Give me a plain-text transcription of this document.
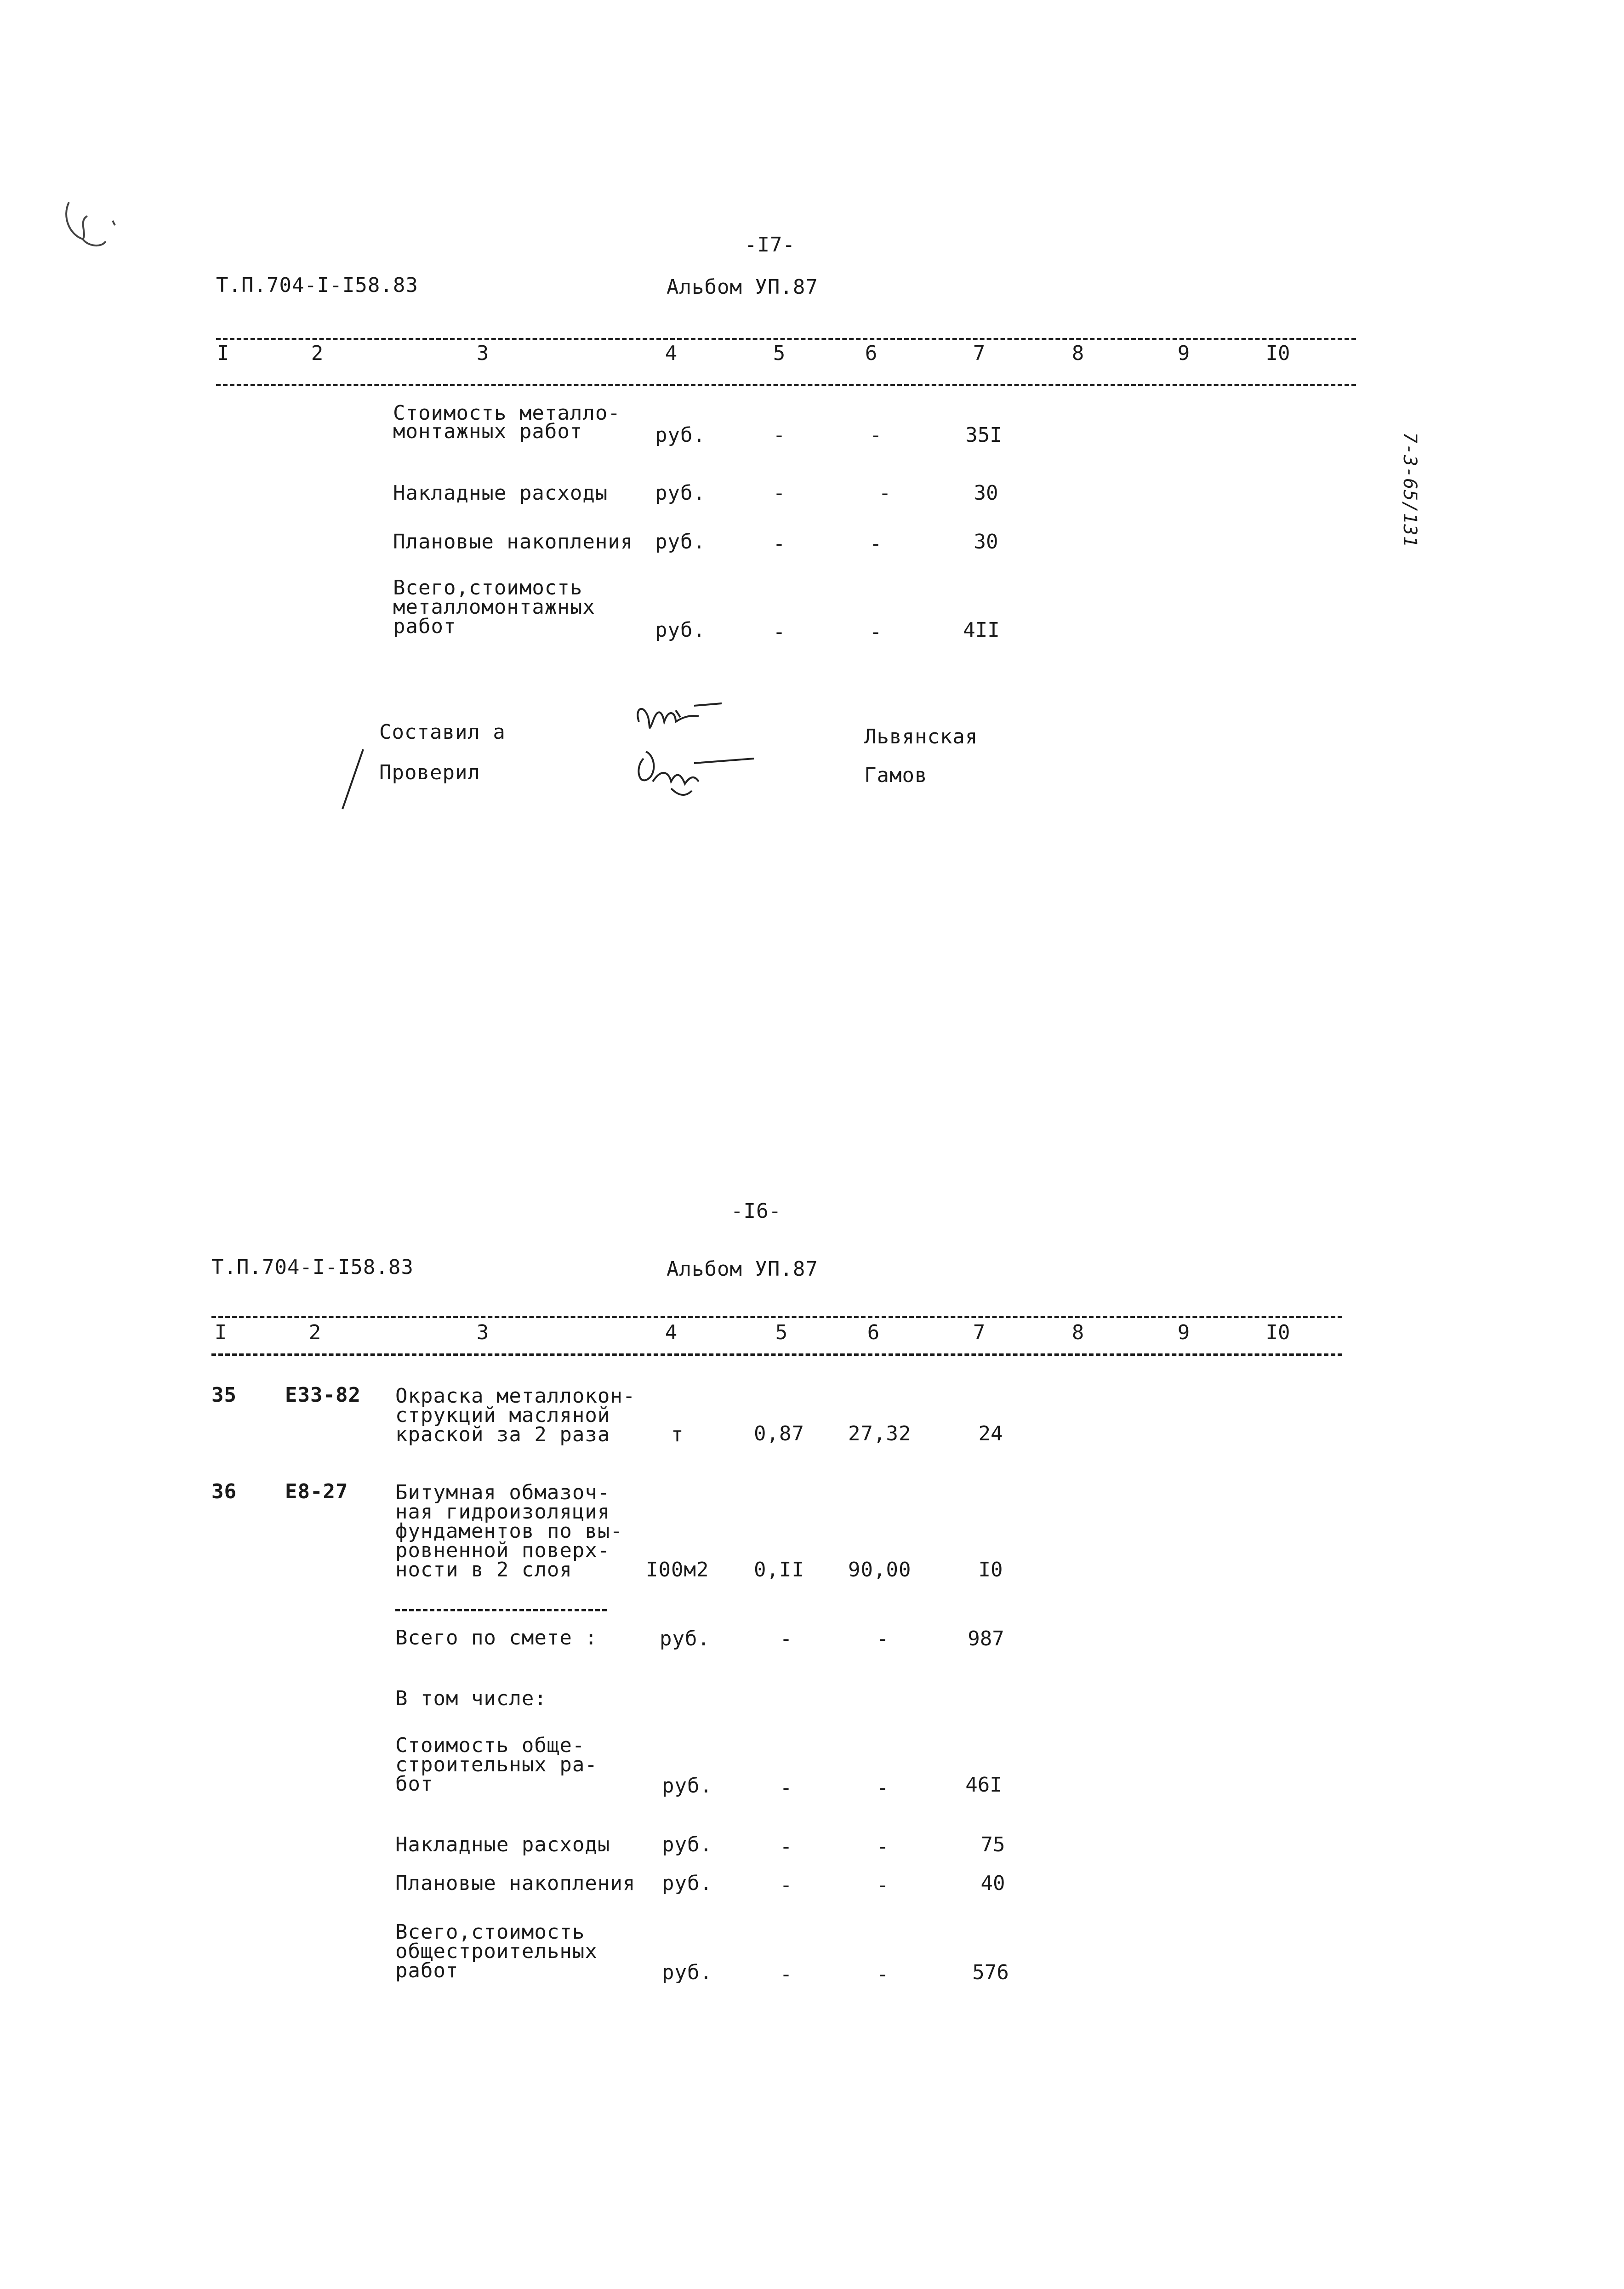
-I7-
Т.П.704-I-I58.83	Альбом УП.87
I	2	3	4	5	6	7	8	9	I0
Стоимость металло-
монтажных работ	руб.	-	-	35I
Накладные расходы руб.	-	-	30
Плановые накопления руб.	-	-	30
Всего,стоимость
металломонтажных
работ	руб.	-	-	4II
Составил а
Проверил
Львянская
Гамов
7-3-65/131
-I6-
Т.П.704-I-I58.83	Альбом УП.87
I	2	3	4	5	6	7	8	9	I0
35 Е33-82 Окраска металлокон-
струкций масляной
краской за 2 раза	т	0,87 27,32	24
36 Е8-27 Битумная обмазоч-
ная гидроизоляция
фундаментов по вы-
ровненной поверх-
ности в 2 слоя	I00м2 0,II 90,00	I0
Всего по смете :	руб.	-	-	987
В том числе:
Стоимость обще-
строительных ра-
бот	руб.	-	-	46I
Накладные расходы	руб.	-	-	75
Плановые накопления руб.	-	-	40
Всего,стоимость
общестроительных
работ	руб.	-	-	576
